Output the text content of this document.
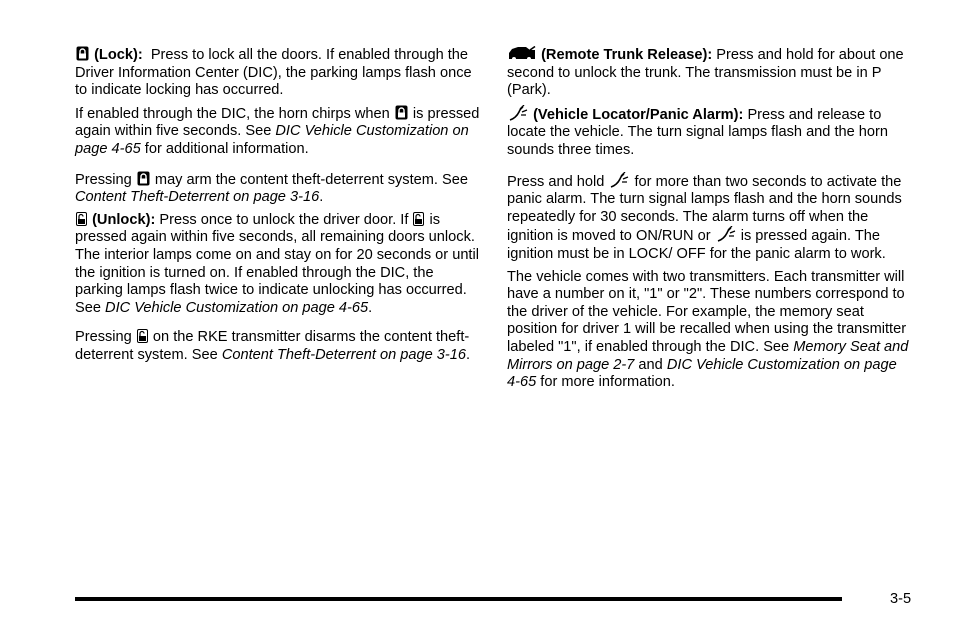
(Lock): Press to lock all the doors. If enabled through the Driver Information Center (DIC), the parking lamps flash once to indicate locking has occurred.

If enabled through the DIC, the horn chirps when is pressed again within five seconds. See DIC Vehicle Customization on page 4-65 for additional information.

Pressing may arm the content theft-deterrent system. See Content Theft-Deterrent on page 3-16.

(Unlock): Press once to unlock the driver door. If is pressed again within five seconds, all remaining doors unlock. The interior lamps come on and stay on for 20 seconds or until the ignition is turned on. If enabled through the DIC, the parking lamps flash twice to indicate unlocking has occurred. See DIC Vehicle Customization on page 4-65.

Pressing on the RKE transmitter disarms the content theft-deterrent system. See Content Theft-Deterrent on page 3-16.

(Remote Trunk Release): Press and hold for about one second to unlock the trunk. The transmission must be in P (Park).

(Vehicle Locator/Panic Alarm): Press and release to locate the vehicle. The turn signal lamps flash and the horn sounds three times.

Press and hold for more than two seconds to activate the panic alarm. The turn signal lamps flash and the horn sounds repeatedly for 30 seconds. The alarm turns off when the ignition is moved to ON/RUN or is pressed again. The ignition must be in LOCK/ OFF for the panic alarm to work.

The vehicle comes with two transmitters. Each transmitter will have a number on it, "1" or "2". These numbers correspond to the driver of the vehicle. For example, the memory seat position for driver 1 will be recalled when using the transmitter labeled "1", if enabled through the DIC. See Memory Seat and Mirrors on page 2-7 and DIC Vehicle Customization on page 4-65 for more information.

3-5
